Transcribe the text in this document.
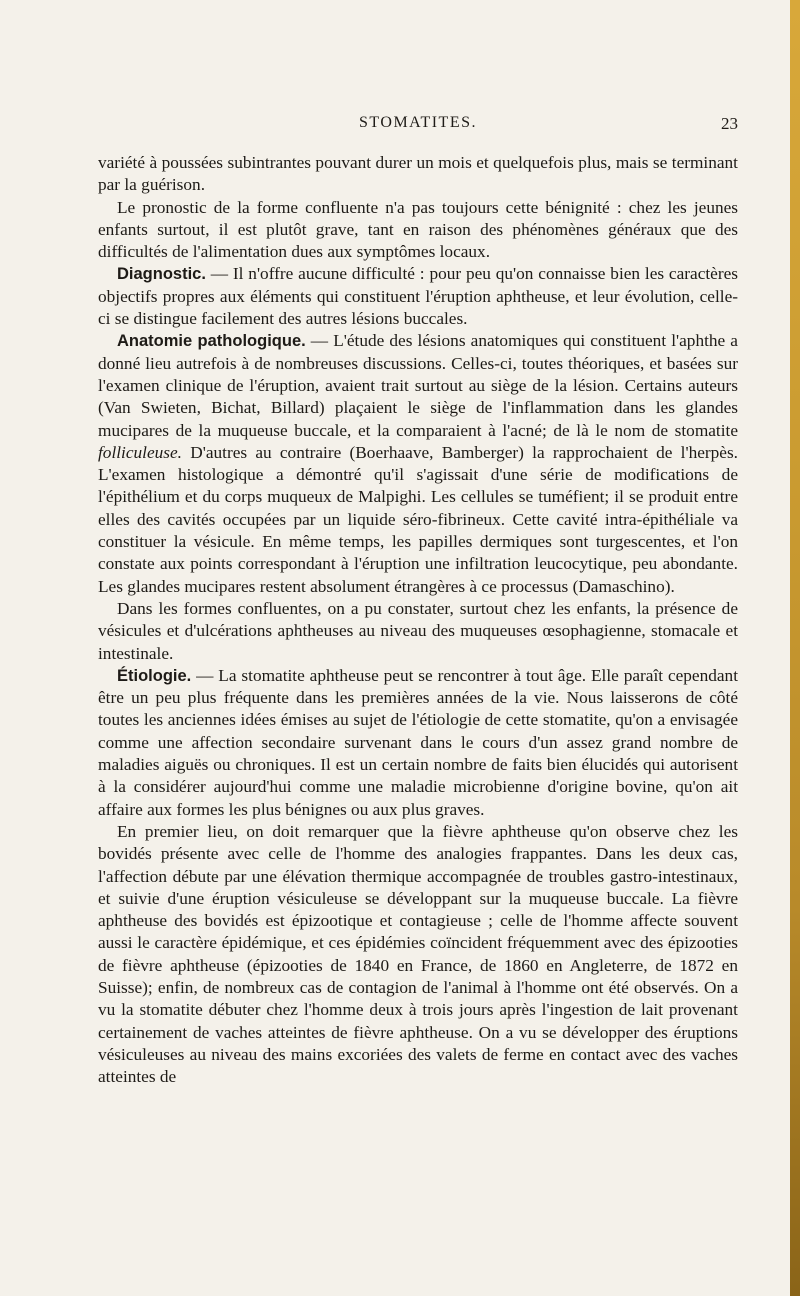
STOMATITES.	23

variété à poussées subintrantes pouvant durer un mois et quelquefois plus, mais se terminant par la guérison.

Le pronostic de la forme confluente n'a pas toujours cette bénignité : chez les jeunes enfants surtout, il est plutôt grave, tant en raison des phénomènes généraux que des difficultés de l'alimentation dues aux symptômes locaux.

Diagnostic. — Il n'offre aucune difficulté : pour peu qu'on connaisse bien les caractères objectifs propres aux éléments qui constituent l'éruption aphtheuse, et leur évolution, celle-ci se distingue facilement des autres lésions buccales.

Anatomie pathologique. — L'étude des lésions anatomiques qui constituent l'aphthe a donné lieu autrefois à de nombreuses discussions. Celles-ci, toutes théoriques, et basées sur l'examen clinique de l'éruption, avaient trait surtout au siège de la lésion. Certains auteurs (Van Swieten, Bichat, Billard) plaçaient le siège de l'inflammation dans les glandes mucipares de la muqueuse buccale, et la comparaient à l'acné; de là le nom de stomatite folliculeuse. D'autres au contraire (Boerhaave, Bamberger) la rapprochaient de l'herpès. L'examen histologique a démontré qu'il s'agissait d'une série de modifications de l'épithélium et du corps muqueux de Malpighi. Les cellules se tuméfient; il se produit entre elles des cavités occupées par un liquide séro-fibrineux. Cette cavité intra-épithéliale va constituer la vésicule. En même temps, les papilles dermiques sont turgescentes, et l'on constate aux points correspondant à l'éruption une infiltration leucocytique, peu abondante. Les glandes mucipares restent absolument étrangères à ce processus (Damaschino).

Dans les formes confluentes, on a pu constater, surtout chez les enfants, la présence de vésicules et d'ulcérations aphtheuses au niveau des muqueuses œsophagienne, stomacale et intestinale.

Étiologie. — La stomatite aphtheuse peut se rencontrer à tout âge. Elle paraît cependant être un peu plus fréquente dans les premières années de la vie. Nous laisserons de côté toutes les anciennes idées émises au sujet de l'étiologie de cette stomatite, qu'on a envisagée comme une affection secondaire survenant dans le cours d'un assez grand nombre de maladies aiguës ou chroniques. Il est un certain nombre de faits bien élucidés qui autorisent à la considérer aujourd'hui comme une maladie microbienne d'origine bovine, qu'on ait affaire aux formes les plus bénignes ou aux plus graves.

En premier lieu, on doit remarquer que la fièvre aphtheuse qu'on observe chez les bovidés présente avec celle de l'homme des analogies frappantes. Dans les deux cas, l'affection débute par une élévation thermique accompagnée de troubles gastro-intestinaux, et suivie d'une éruption vésiculeuse se développant sur la muqueuse buccale. La fièvre aphtheuse des bovidés est épizootique et contagieuse ; celle de l'homme affecte souvent aussi le caractère épidémique, et ces épidémies coïncident fréquemment avec des épizooties de fièvre aphtheuse (épizooties de 1840 en France, de 1860 en Angleterre, de 1872 en Suisse); enfin, de nombreux cas de contagion de l'animal à l'homme ont été observés. On a vu la stomatite débuter chez l'homme deux à trois jours après l'ingestion de lait provenant certainement de vaches atteintes de fièvre aphtheuse. On a vu se développer des éruptions vésiculeuses au niveau des mains excoriées des valets de ferme en contact avec des vaches atteintes de
